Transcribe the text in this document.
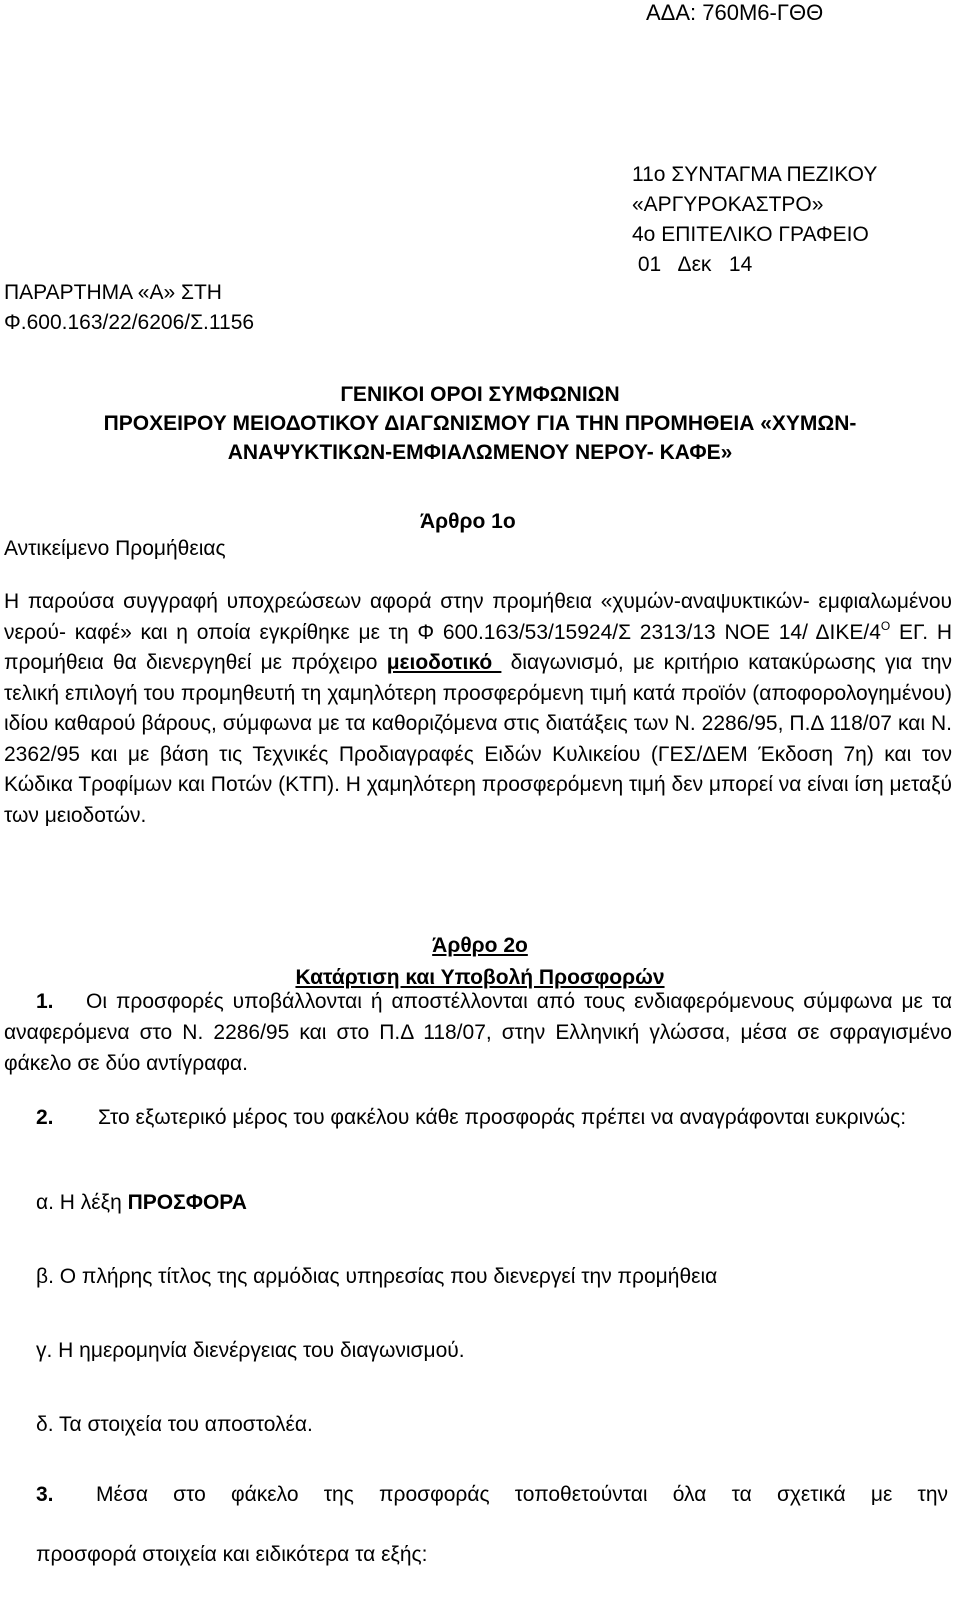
ΑΔΑ: 760Μ6-ΓΘΘ
11ο ΣΥΝΤΑΓΜΑ ΠΕΖΙΚΟΥ
«ΑΡΓΥΡΟΚΑΣΤΡΟ»
4ο ΕΠΙΤΕΛΙΚΟ ΓΡΑΦΕΙΟ
01   Δεκ   14
ΠΑΡΑΡΤΗΜΑ «Α» ΣΤΗ
Φ.600.163/22/6206/Σ.1156
ΓΕΝΙΚΟΙ ΟΡΟΙ ΣΥΜΦΩΝΙΩΝ
ΠΡΟΧΕΙΡΟΥ ΜΕΙΟΔΟΤΙΚΟΥ ΔΙΑΓΩΝΙΣΜΟΥ ΓΙΑ ΤΗΝ ΠΡΟΜΗΘΕΙΑ «ΧΥΜΩΝ-
ΑΝΑΨΥΚΤΙΚΩΝ-ΕΜΦΙΑΛΩΜΕΝΟΥ ΝΕΡΟΥ- ΚΑΦΕ»
Άρθρο 1ο
Αντικείμενο Προμήθειας

Η παρούσα συγγραφή υποχρεώσεων αφορά στην προμήθεια «χυμών-αναψυκτικών- εμφιαλωμένου νερού- καφέ» και η οποία εγκρίθηκε με τη Φ 600.163/53/15924/Σ 2313/13 ΝΟΕ 14/ ΔΙΚΕ/$4^O$ ΕΓ. Η προμήθεια θα διενεργηθεί με πρόχειρο μειοδοτικό  διαγωνισμό, με κριτήριο κατακύρωσης για την τελική επιλογή του προμηθευτή τη χαμηλότερη προσφερόμενη τιμή κατά προϊόν (αποφορολογημένου) ιδίου καθαρού βάρους, σύμφωνα με τα καθοριζόμενα στις διατάξεις των Ν. 2286/95, Π.Δ 118/07 και Ν. 2362/95 και με βάση τις Τεχνικές Προδιαγραφές Ειδών Κυλικείου (ΓΕΣ/ΔΕΜ Έκδοση 7η) και τον Κώδικα Τροφίμων και Ποτών (ΚΤΠ). Η χαμηλότερη προσφερόμενη τιμή δεν μπορεί να είναι ίση μεταξύ των μειοδοτών.

Άρθρο 2ο
Κατάρτιση και Υποβολή Προσφορών

1. Οι προσφορές υποβάλλονται ή αποστέλλονται από τους ενδιαφερόμενους σύμφωνα με τα αναφερόμενα στο Ν. 2286/95 και στο Π.Δ 118/07, στην Ελληνική γλώσσα, μέσα σε σφραγισμένο φάκελο σε δύο αντίγραφα.

2. Στο εξωτερικό μέρος του φακέλου κάθε προσφοράς πρέπει να αναγράφονται ευκρινώς:

α. Η λέξη ΠΡΟΣΦΟΡΑ
β. Ο πλήρης τίτλος της αρμόδιας υπηρεσίας που διενεργεί την προμήθεια
γ. Η ημερομηνία διενέργειας του διαγωνισμού.
δ. Τα στοιχεία του αποστολέα.
3.	Μέσα στο φάκελο της προσφοράς τοποθετούνται όλα τα σχετικά με την
προσφορά στοιχεία και ειδικότερα τα εξής:
